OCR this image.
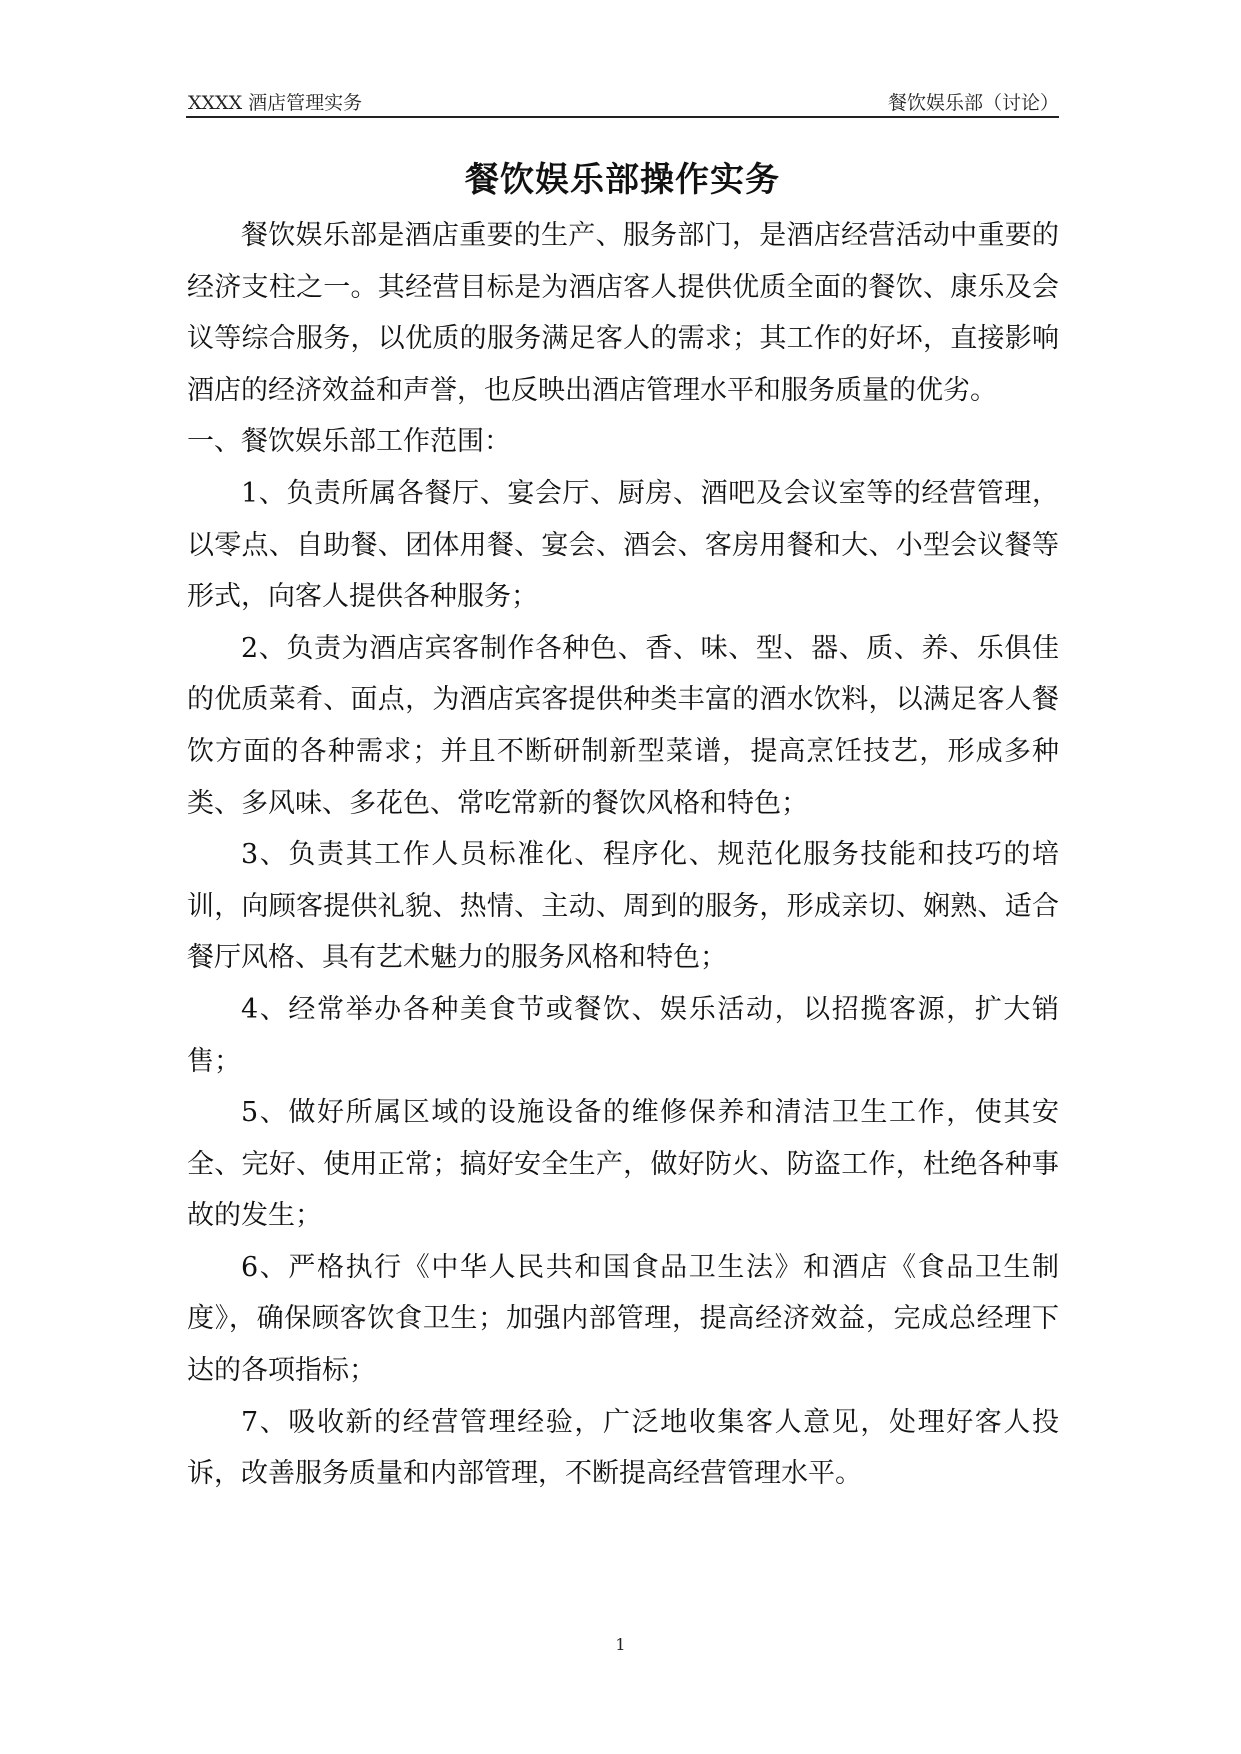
XXXX 酒店管理实务	餐饮娱乐部（讨论）
餐饮娱乐部操作实务

餐饮娱乐部是酒店重要的生产、服务部门，是酒店经营活动中重要的经济支柱之一。其经营目标是为酒店客人提供优质全面的餐饮、康乐及会议等综合服务，以优质的服务满足客人的需求；其工作的好坏，直接影响酒店的经济效益和声誉，也反映出酒店管理水平和服务质量的优劣。

一、餐饮娱乐部工作范围：

1、负责所属各餐厅、宴会厅、厨房、酒吧及会议室等的经营管理，以零点、自助餐、团体用餐、宴会、酒会、客房用餐和大、小型会议餐等形式，向客人提供各种服务；

2、负责为酒店宾客制作各种色、香、味、型、器、质、养、乐俱佳的优质菜肴、面点，为酒店宾客提供种类丰富的酒水饮料，以满足客人餐饮方面的各种需求；并且不断研制新型菜谱，提高烹饪技艺，形成多种类、多风味、多花色、常吃常新的餐饮风格和特色；

3、负责其工作人员标准化、程序化、规范化服务技能和技巧的培训，向顾客提供礼貌、热情、主动、周到的服务，形成亲切、娴熟、适合餐厅风格、具有艺术魅力的服务风格和特色；

4、经常举办各种美食节或餐饮、娱乐活动，以招揽客源，扩大销售；

5、做好所属区域的设施设备的维修保养和清洁卫生工作，使其安全、完好、使用正常；搞好安全生产，做好防火、防盗工作，杜绝各种事故的发生；

6、严格执行《中华人民共和国食品卫生法》和酒店《食品卫生制度》，确保顾客饮食卫生；加强内部管理，提高经济效益，完成总经理下达的各项指标；

7、吸收新的经营管理经验，广泛地收集客人意见，处理好客人投诉，改善服务质量和内部管理，不断提高经营管理水平。

1
